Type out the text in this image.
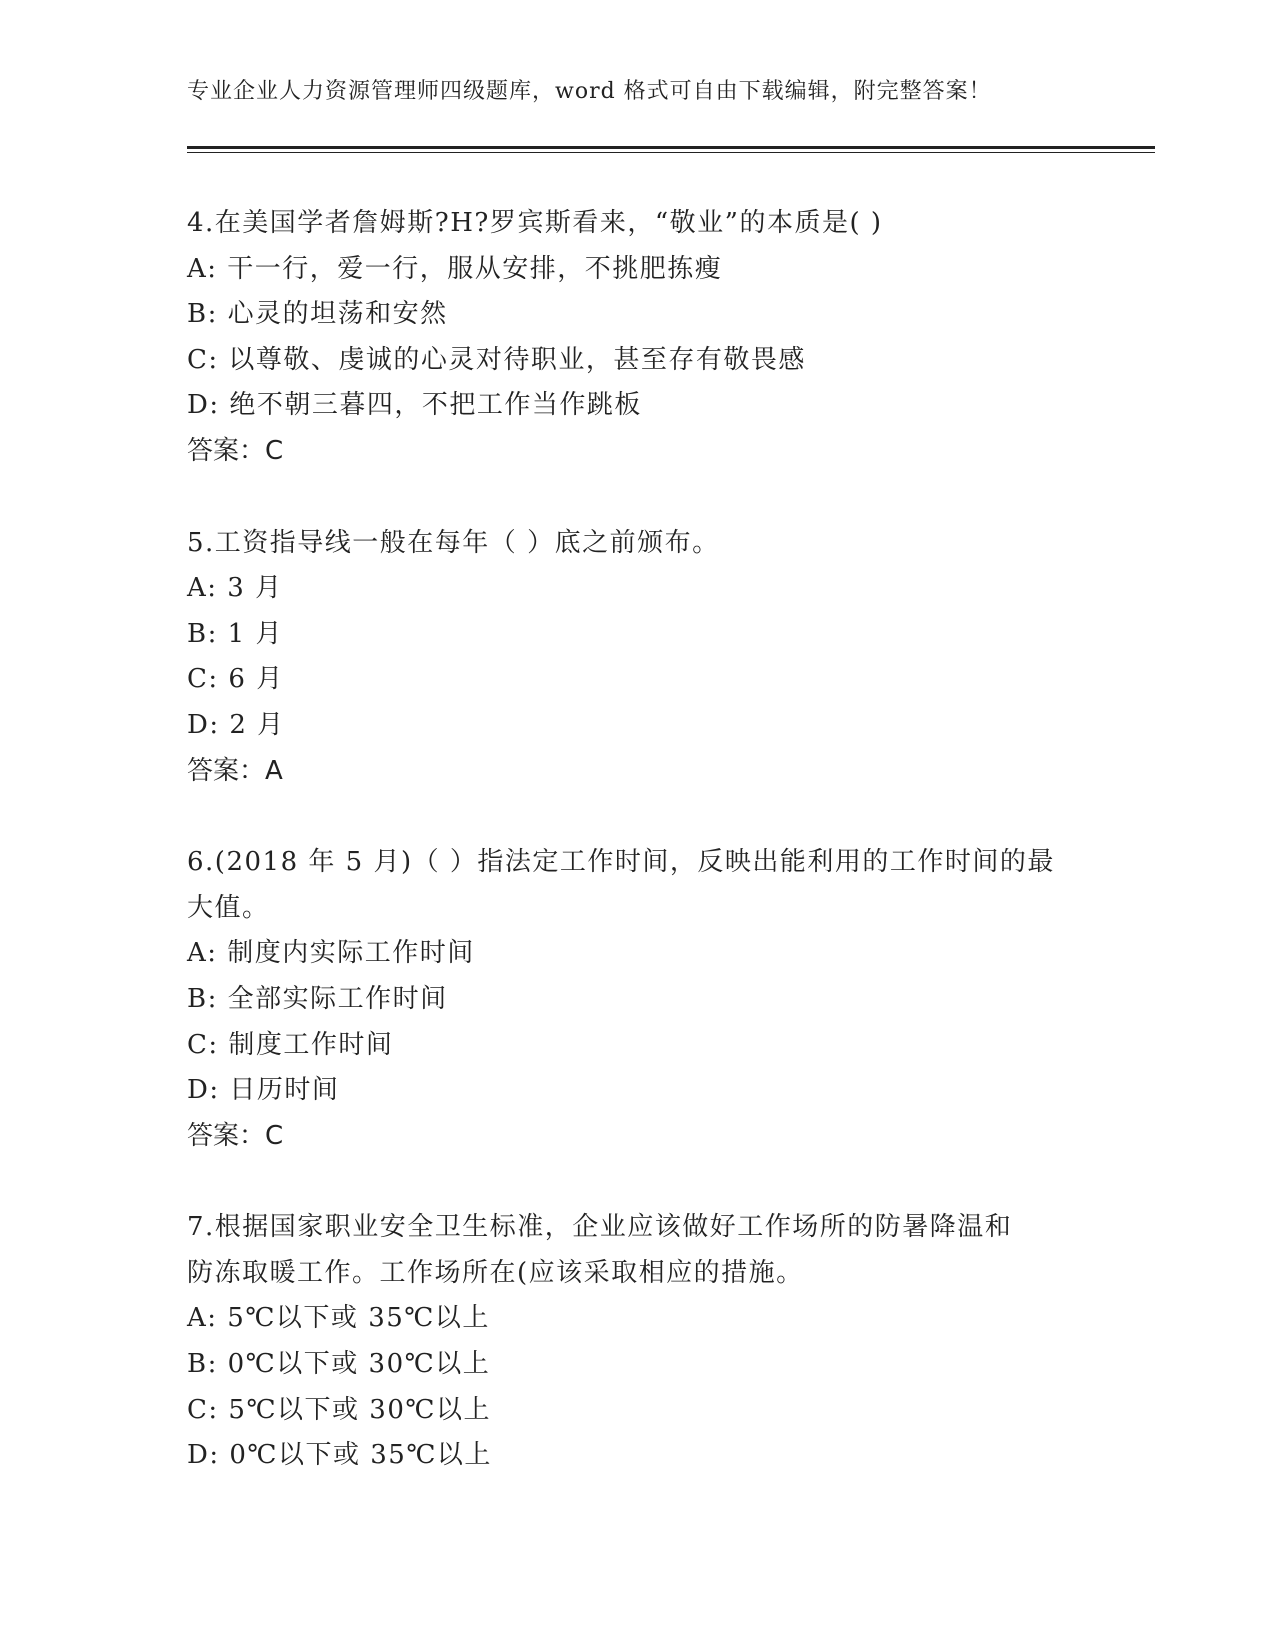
专业企业人力资源管理师四级题库，word 格式可自由下载编辑，附完整答案！
4.在美国学者詹姆斯?H?罗宾斯看来，“敬业”的本质是( )
A: 干一行，爱一行，服从安排，不挑肥拣瘦
B: 心灵的坦荡和安然
C: 以尊敬、虔诚的心灵对待职业，甚至存有敬畏感
D: 绝不朝三暮四，不把工作当作跳板
答案：C
5.工资指导线一般在每年（ ）底之前颁布。
A: 3 月
B: 1 月
C: 6 月
D: 2 月
答案：A
6.(2018 年 5 月)（ ）指法定工作时间，反映出能利用的工作时间的最
大值。
A: 制度内实际工作时间
B: 全部实际工作时间
C: 制度工作时间
D: 日历时间
答案：C
7.根据国家职业安全卫生标准，企业应该做好工作场所的防暑降温和
防冻取暖工作。工作场所在(应该采取相应的措施。
A: 5℃以下或 35℃以上
B: 0℃以下或 30℃以上
C: 5℃以下或 30℃以上
D: 0℃以下或 35℃以上
